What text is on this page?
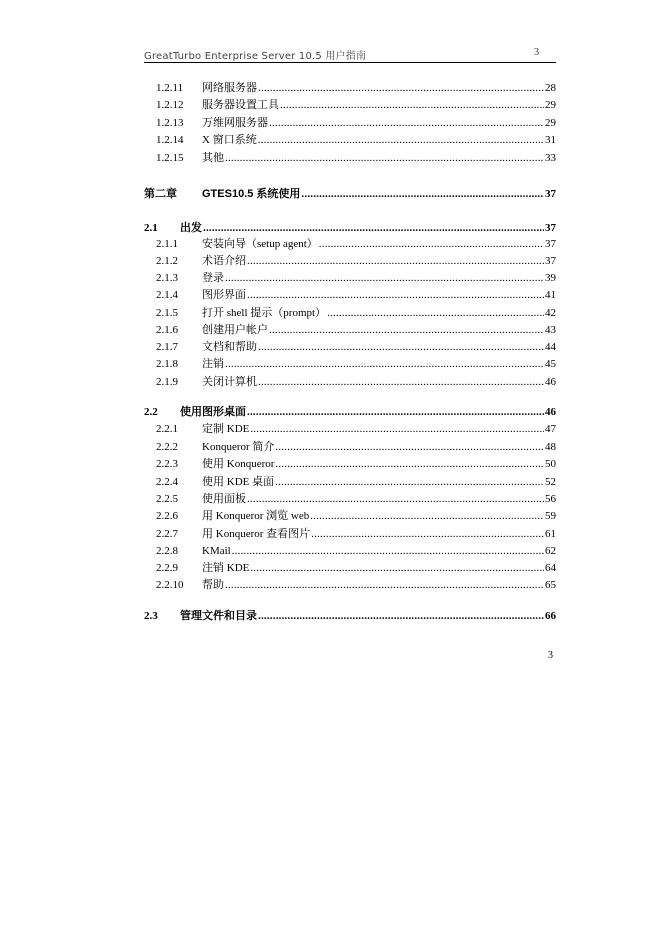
GreatTurbo Enterprise Server 10.5 用户指南	3
1.2.11	网络服务器 .....	28
1.2.12	服务器设置工具 .....	29
1.2.13	万维网服务器 .....	29
1.2.14	X 窗口系统 .....	31
1.2.15	其他 .....	33
第二章	GTES10.5 系统使用 .....	37
2.1	出发 .....	37
2.1.1	安装向导（setup agent） .....	37
2.1.2	术语介绍 .....	37
2.1.3	登录 .....	39
2.1.4	图形界面 .....	41
2.1.5	打开 shell 提示（prompt） .....	42
2.1.6	创建用户帐户 .....	43
2.1.7	文档和帮助 .....	44
2.1.8	注销 .....	45
2.1.9	关闭计算机 .....	46
2.2	使用图形桌面 .....	46
2.2.1	定制 KDE .....	47
2.2.2	Konqueror 简介 .....	48
2.2.3	使用 Konqueror .....	50
2.2.4	使用 KDE 桌面 .....	52
2.2.5	使用面板 .....	56
2.2.6	用 Konqueror 浏览 web .....	59
2.2.7	用 Konqueror 查看图片 .....	61
2.2.8	KMail .....	62
2.2.9	注销 KDE .....	64
2.2.10	帮助 .....	65
2.3	管理文件和目录 .....	66
3
